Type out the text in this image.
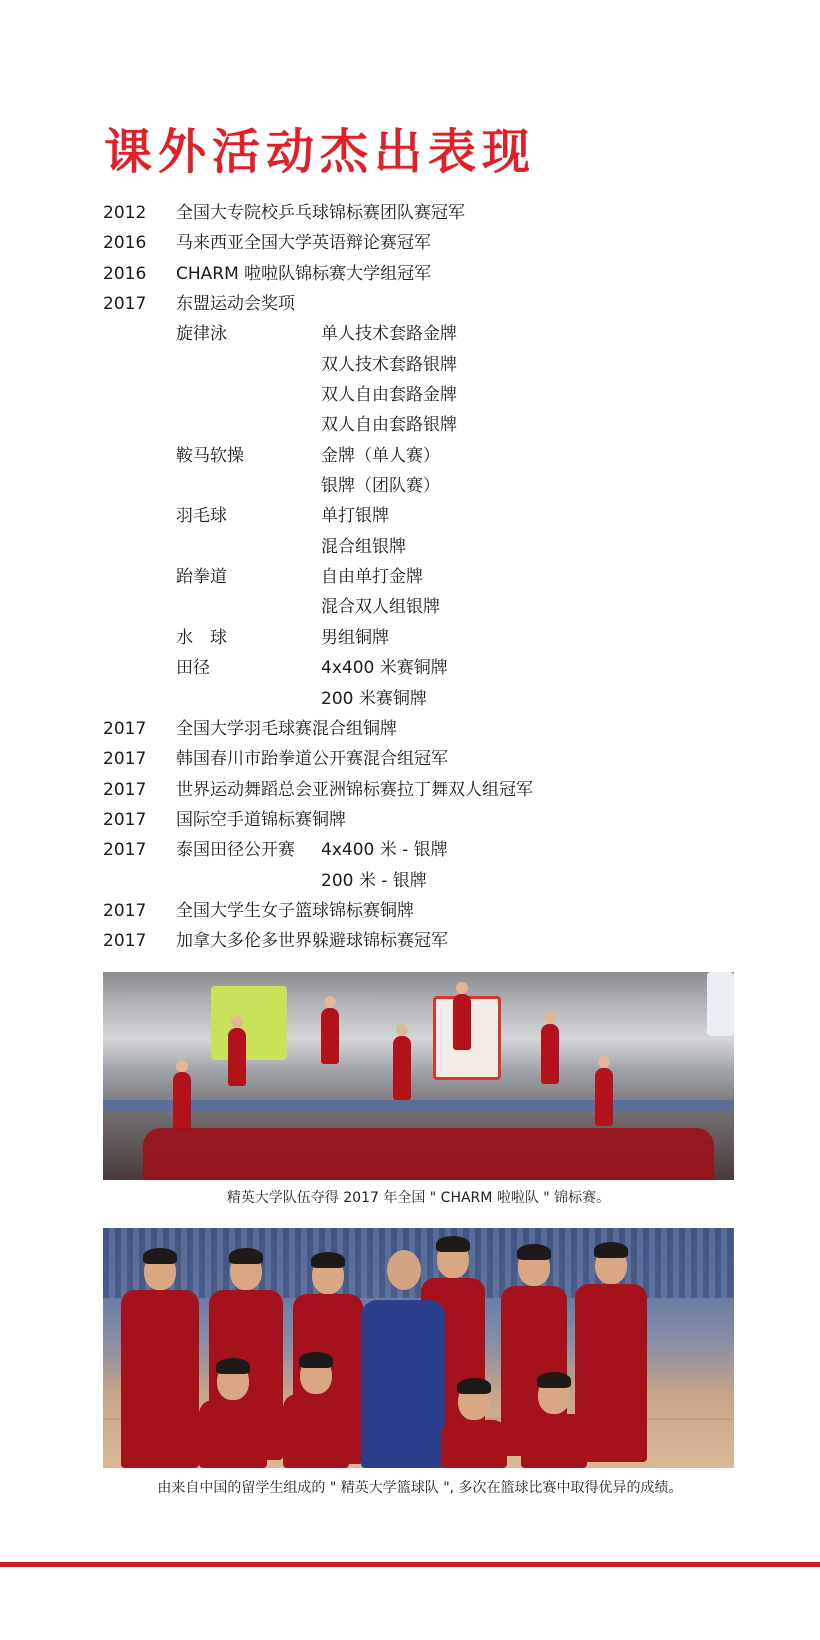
课外活动杰出表现
2012 全国大专院校乒乓球锦标赛团队赛冠军
2016 马来西亚全国大学英语辩论赛冠军
2016 CHARM 啦啦队锦标赛大学组冠军
2017 东盟运动会奖项
旋律泳	单人技术套路金牌
双人技术套路银牌
双人自由套路金牌
双人自由套路银牌
鞍马软操	金牌（单人赛）
银牌（团队赛）
羽毛球	单打银牌
混合组银牌
跆拳道	自由单打金牌
混合双人组银牌
水　球	男组铜牌
田径	4x400 米赛铜牌
200 米赛铜牌
2017 全国大学羽毛球赛混合组铜牌
2017 韩国春川市跆拳道公开赛混合组冠军
2017 世界运动舞蹈总会亚洲锦标赛拉丁舞双人组冠军
2017 国际空手道锦标赛铜牌
2017 泰国田径公开赛 4x400 米 - 银牌
200 米 - 银牌
2017 全国大学生女子篮球锦标赛铜牌
2017 加拿大多伦多世界躲避球锦标赛冠军
精英大学队伍夺得 2017 年全国 " CHARM 啦啦队 " 锦标赛。
由来自中国的留学生组成的 " 精英大学篮球队 ", 多次在篮球比赛中取得优异的成绩。
